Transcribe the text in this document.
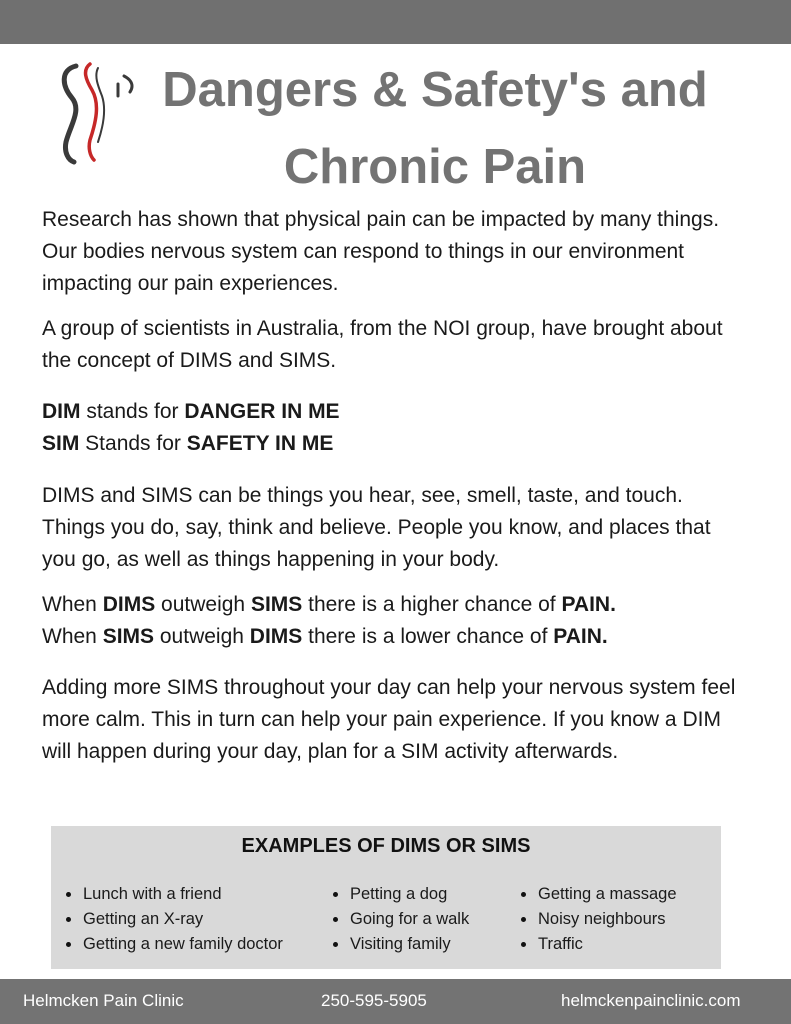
Dangers & Safety's and
Chronic Pain

Research has shown that physical pain can be impacted by many things. Our bodies nervous system can respond to things in our environment impacting our pain experiences.

A group of scientists in Australia, from the NOI group, have brought about the concept of DIMS and SIMS.

DIM stands for DANGER IN ME
SIM Stands for SAFETY IN ME

DIMS and SIMS can be things you hear, see, smell, taste, and touch. Things you do, say, think and believe. People you know, and places that you go, as well as things happening in your body.

When DIMS outweigh SIMS there is a higher chance of PAIN.
When SIMS outweigh DIMS there is a lower chance of PAIN.

Adding more SIMS throughout your day can help your nervous system feel more calm. This in turn can help your pain experience. If you know a DIM will happen during your day, plan for a SIM activity afterwards.

EXAMPLES OF DIMS OR SIMS
Lunch with a friend
Getting an X-ray
Getting a new family doctor
Petting a dog
Going for a walk
Visiting family
Getting a massage
Noisy neighbours
Traffic
Helmcken Pain Clinic	250-595-5905	helmckenpainclinic.com
